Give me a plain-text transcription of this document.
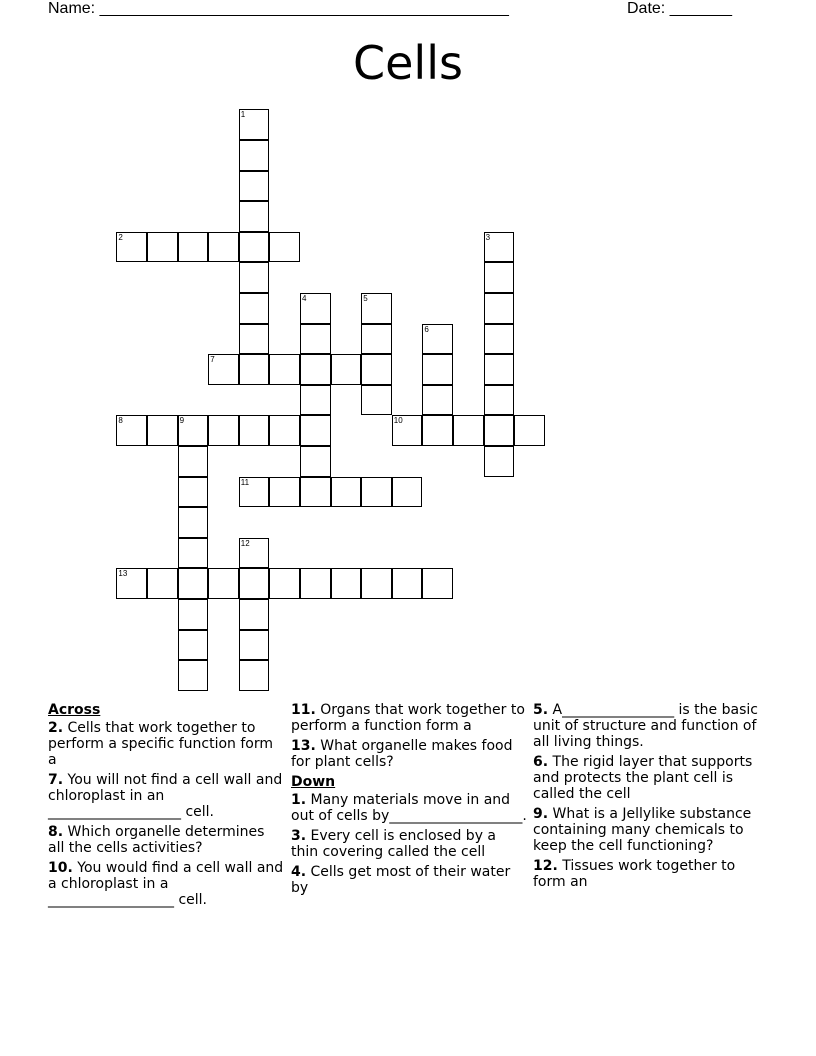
Name: ______________________________________________	Date: _______
Cells
1
2	3
4	5
6
7
8	9	10
11
12
13
Across
2. Cells that work together to perform a specific function form a
7. You will not find a cell wall and chloroplast in an ___________________ cell.
8. Which organelle determines all the cells activities?
10. You would find a cell wall and a chloroplast in a __________________ cell.
11. Organs that work together to perform a function form a
13. What organelle makes food for plant cells?
Down
1. Many materials move in and out of cells by___________________.
3. Every cell is enclosed by a thin covering called the cell
4. Cells get most of their water by
5. A________________ is the basic unit of structure and function of all living things.
6. The rigid layer that supports and protects the plant cell is called the cell
9. What is a Jellylike substance containing many chemicals to keep the cell functioning?
12. Tissues work together to form an
